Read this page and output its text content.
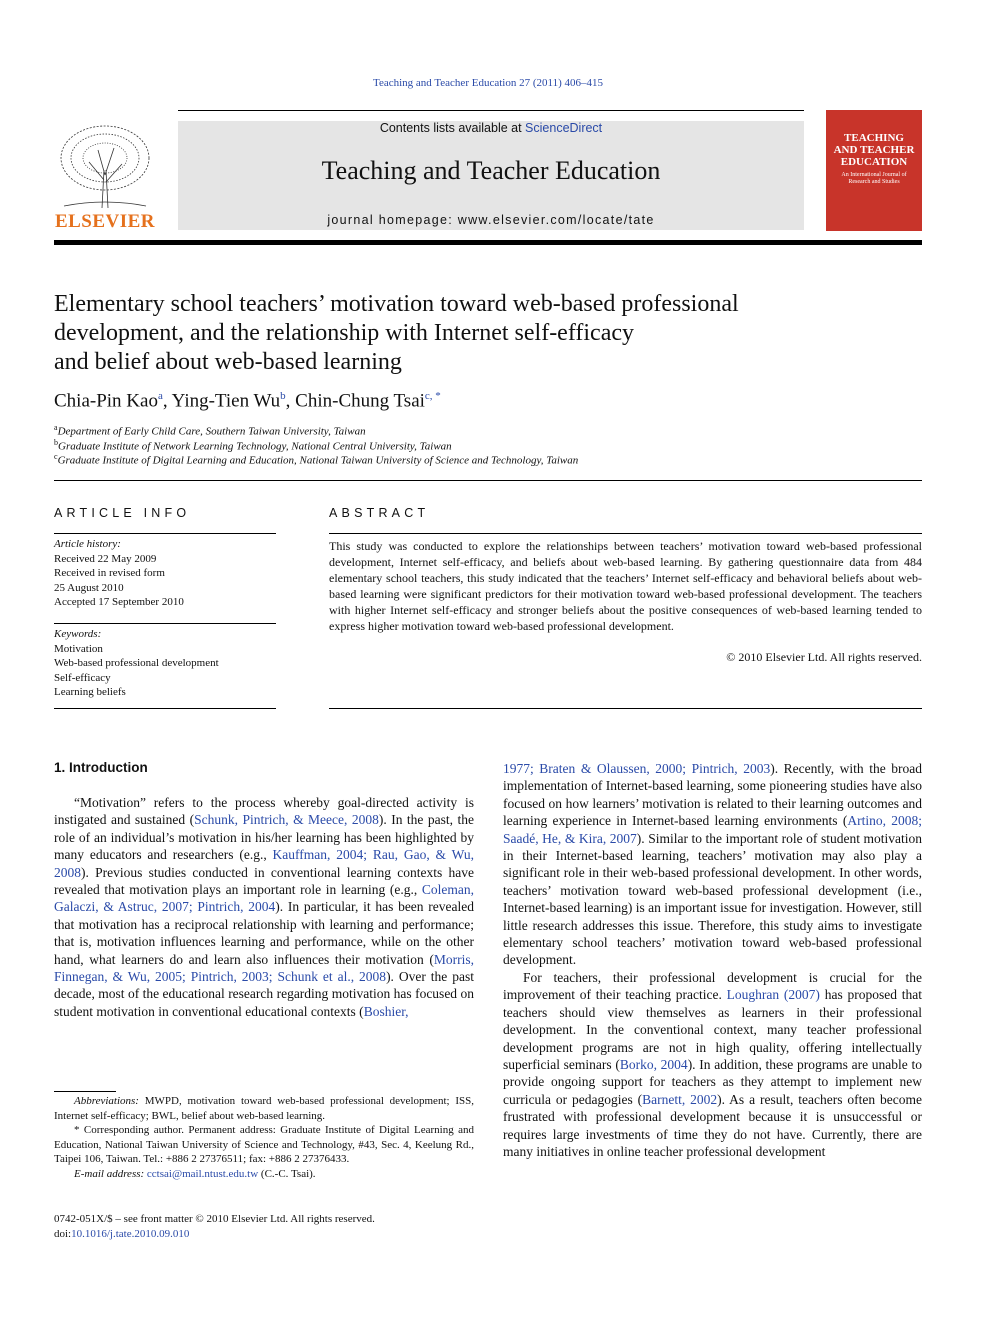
Teaching and Teacher Education 27 (2011) 406–415
ELSEVIER
Contents lists available at ScienceDirect
Teaching and Teacher Education
journal homepage: www.elsevier.com/locate/tate
TEACHING
AND TEACHER
EDUCATION
An International Journal of Research and Studies
Elementary school teachers’ motivation toward web-based professional
development, and the relationship with Internet self-efficacy
and belief about web-based learning
Chia-Pin Kao$^a$, Ying-Tien Wu$^b$, Chin-Chung Tsai$^{c, *}$
$^a$Department of Early Child Care, Southern Taiwan University, Taiwan
$^b$Graduate Institute of Network Learning Technology, National Central University, Taiwan
$^c$Graduate Institute of Digital Learning and Education, National Taiwan University of Science and Technology, Taiwan
ARTICLE INFO	ABSTRACT
Article history:
Received 22 May 2009
Received in revised form
25 August 2010
Accepted 17 September 2010
Keywords:
Motivation
Web-based professional development
Self-efficacy
Learning beliefs
This study was conducted to explore the relationships between teachers’ motivation toward web-based professional development, Internet self-efficacy, and beliefs about web-based learning. By gathering questionnaire data from 484 elementary school teachers, this study indicated that the teachers’ Internet self-efficacy and behavioral beliefs about web-based learning were significant predictors for their motivation toward web-based professional development. The teachers with higher Internet self-efficacy and stronger beliefs about the positive consequences of web-based learning tended to express higher motivation toward web-based professional development.
© 2010 Elsevier Ltd. All rights reserved.
1. Introduction

“Motivation” refers to the process whereby goal-directed activity is instigated and sustained (Schunk, Pintrich, & Meece, 2008). In the past, the role of an individual’s motivation in his/her learning has been highlighted by many educators and researchers (e.g., Kauffman, 2004; Rau, Gao, & Wu, 2008). Previous studies conducted in conventional learning contexts have revealed that motivation plays an important role in learning (e.g., Coleman, Galaczi, & Astruc, 2007; Pintrich, 2004). In particular, it has been revealed that motivation has a reciprocal relationship with learning and performance; that is, motivation influences learning and performance, while on the other hand, what learners do and learn also influences their motivation (Morris, Finnegan, & Wu, 2005; Pintrich, 2003; Schunk et al., 2008). Over the past decade, most of the educational research regarding motivation has focused on student motivation in conventional educational contexts (Boshier,

1977; Braten & Olaussen, 2000; Pintrich, 2003). Recently, with the broad implementation of Internet-based learning, some pioneering studies have also focused on how learners’ motivation is related to their learning outcomes and learning experience in Internet-based learning environments (Artino, 2008; Saadé, He, & Kira, 2007). Similar to the important role of student motivation in their Internet-based learning, teachers’ motivation may also play a significant role in their web-based professional development. In other words, teachers’ motivation toward web-based professional development (i.e., Internet-based learning) is an important issue for investigation. However, still little research addresses this issue. Therefore, this study aims to investigate elementary school teachers’ motivation toward web-based professional development.

For teachers, their professional development is crucial for the improvement of their teaching practice. Loughran (2007) has proposed that teachers should view themselves as learners in their professional development. In the conventional context, many teacher professional development programs are not in high quality, offering intellectually superficial seminars (Borko, 2004). In addition, these programs are unable to provide ongoing support for teachers as they attempt to implement new curricula or pedagogies (Barnett, 2002). As a result, teachers often become frustrated with professional development because it is unsuccessful or requires large investments of time they do not have. Currently, there are many initiatives in online teacher professional development

Abbreviations: MWPD, motivation toward web-based professional development; ISS, Internet self-efficacy; BWL, belief about web-based learning.

* Corresponding author. Permanent address: Graduate Institute of Digital Learning and Education, National Taiwan University of Science and Technology, #43, Sec. 4, Keelung Rd., Taipei 106, Taiwan. Tel.: +886 2 27376511; fax: +886 2 27376433.

E-mail address: cctsai@mail.ntust.edu.tw (C.-C. Tsai).

0742-051X/$ – see front matter © 2010 Elsevier Ltd. All rights reserved.
doi:10.1016/j.tate.2010.09.010
